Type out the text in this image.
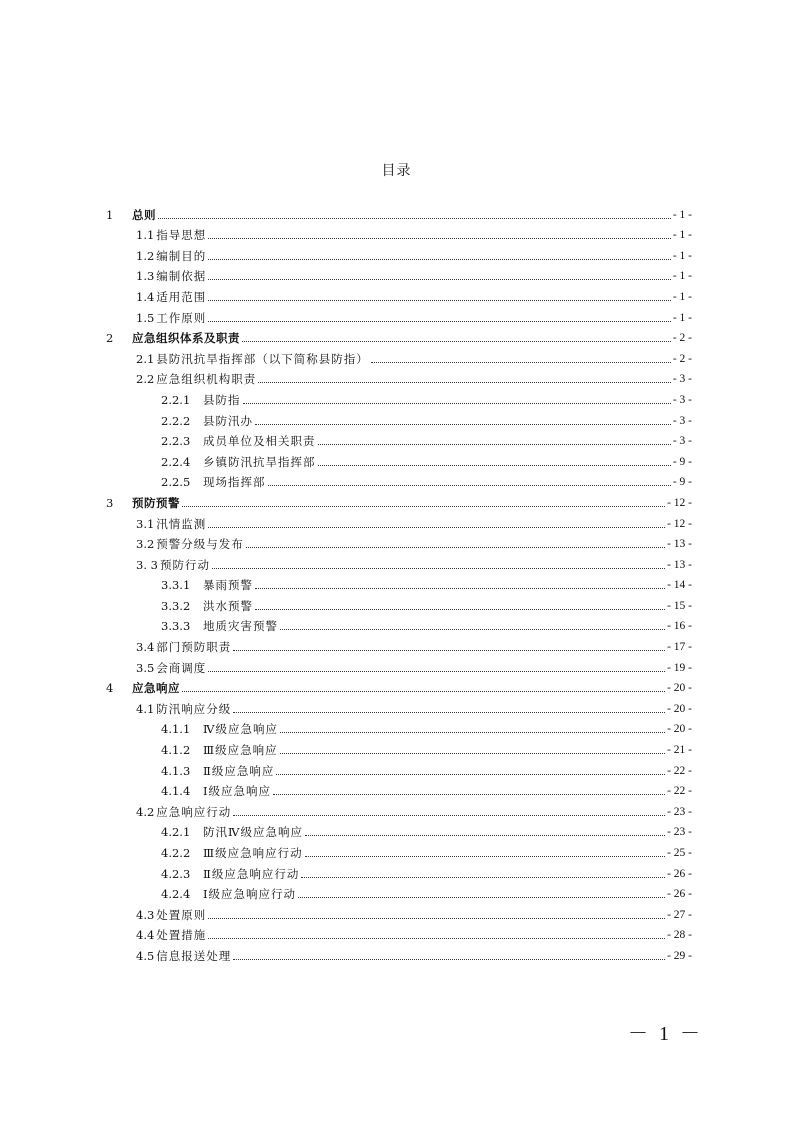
目录
1	总则	- 1 -
1.1 指导思想	- 1 -
1.2 编制目的	- 1 -
1.3 编制依据	- 1 -
1.4 适用范围	- 1 -
1.5 工作原则	- 1 -
2	应急组织体系及职责	- 2 -
2.1 县防汛抗旱指挥部（以下简称县防指）	- 2 -
2.2 应急组织机构职责	- 3 -
2.2.1	县防指	- 3 -
2.2.2	县防汛办	- 3 -
2.2.3	成员单位及相关职责	- 3 -
2.2.4	乡镇防汛抗旱指挥部	- 9 -
2.2.5	现场指挥部	- 9 -
3	预防预警	- 12 -
3.1 汛情监测	- 12 -
3.2 预警分级与发布	- 13 -
3. 3 预防行动	- 13 -
3.3.1	暴雨预警	- 14 -
3.3.2	洪水预警	- 15 -
3.3.3	地质灾害预警	- 16 -
3.4 部门预防职责	- 17 -
3.5 会商调度	- 19 -
4	应急响应	- 20 -
4.1 防汛响应分级	- 20 -
4.1.1	Ⅳ级应急响应	- 20 -
4.1.2	Ⅲ级应急响应	- 21 -
4.1.3	Ⅱ级应急响应	- 22 -
4.1.4	Ⅰ级应急响应	- 22 -
4.2 应急响应行动	- 23 -
4.2.1	防汛Ⅳ级应急响应	- 23 -
4.2.2	Ⅲ级应急响应行动	- 25 -
4.2.3	Ⅱ级应急响应行动	- 26 -
4.2.4	Ⅰ级应急响应行动	- 26 -
4.3 处置原则	- 27 -
4.4 处置措施	- 28 -
4.5 信息报送处理	- 29 -
－ 1 －
